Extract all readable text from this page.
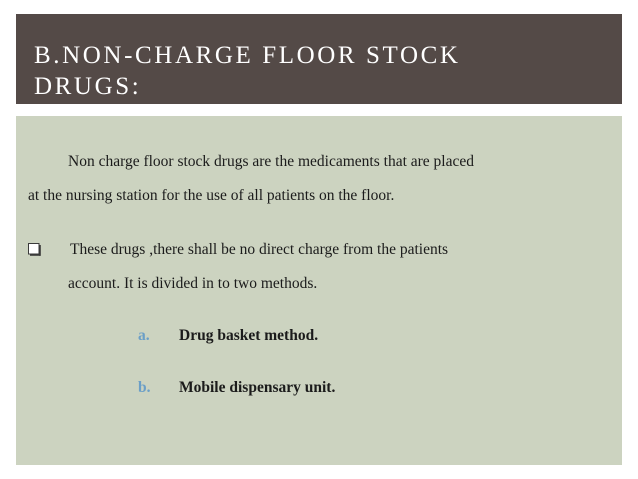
B.NON-CHARGE FLOOR STOCK
DRUGS:

Non charge floor stock drugs are the medicaments that are placed

at the nursing station for the use of all patients on the floor.

These drugs ,there shall be no direct charge from the patients

account. It is divided in to two methods.

a. Drug basket method.

b. Mobile dispensary unit.
